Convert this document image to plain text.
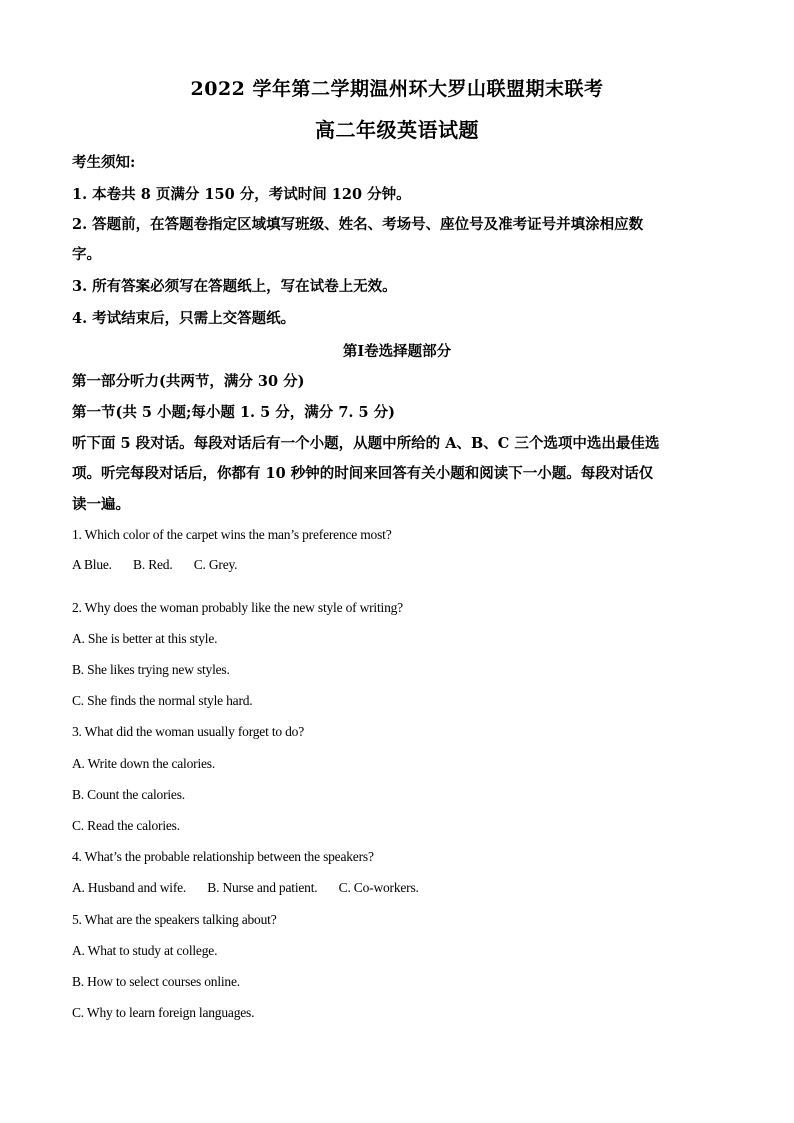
2022 学年第二学期温州环大罗山联盟期末联考
高二年级英语试题
考生须知:
1. 本卷共 8 页满分 150 分，考试时间 120 分钟。
2. 答题前，在答题卷指定区域填写班级、姓名、考场号、座位号及准考证号并填涂相应数
字。
3. 所有答案必须写在答题纸上，写在试卷上无效。
4. 考试结束后，只需上交答题纸。
第Ⅰ卷选择题部分
第一部分听力(共两节，满分 30 分)
第一节(共 5 小题;每小题 1. 5 分，满分 7. 5 分)
听下面 5 段对话。每段对话后有一个小题，从题中所给的 A、B、C 三个选项中选出最佳选
项。听完每段对话后，你都有 10 秒钟的时间来回答有关小题和阅读下一小题。每段对话仅
读一遍。
1. Which color of the carpet wins the man’s preference most?
A Blue. B. Red. C. Grey.
2. Why does the woman probably like the new style of writing?
A. She is better at this style.
B. She likes trying new styles.
C. She finds the normal style hard.
3. What did the woman usually forget to do?
A. Write down the calories.
B. Count the calories.
C. Read the calories.
4. What’s the probable relationship between the speakers?
A. Husband and wife. B. Nurse and patient. C. Co-workers.
5. What are the speakers talking about?
A. What to study at college.
B. How to select courses online.
C. Why to learn foreign languages.
